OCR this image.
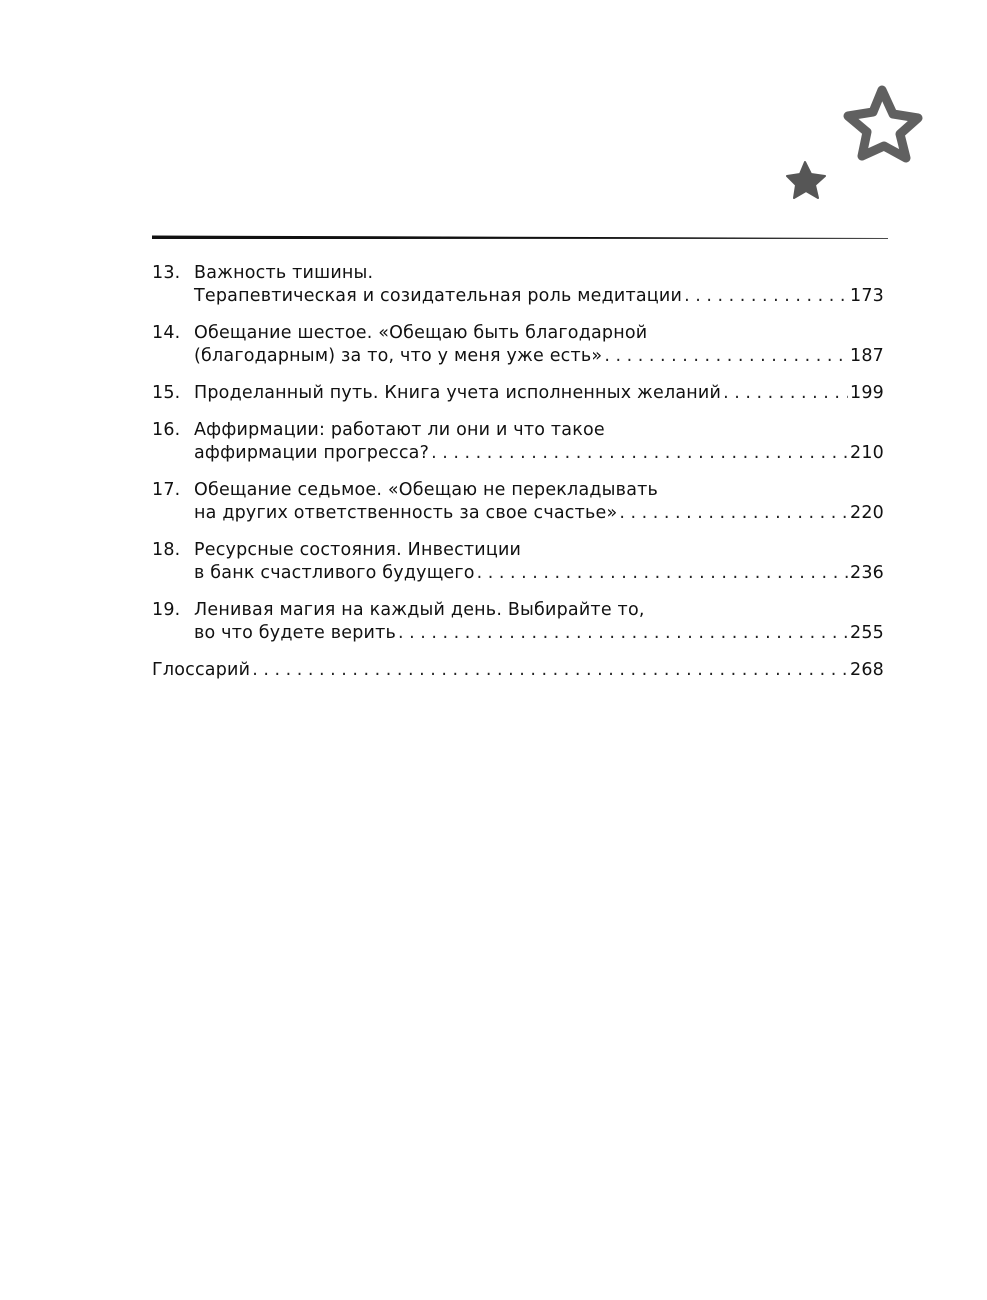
13. Важность тишины.
Терапевтическая и созидательная роль медитации . . .	173
14. Обещание шестое. «Обещаю быть благодарной
(благодарным) за то, что у меня уже есть» . . .	187
15. Проделанный путь. Книга учета исполненных желаний . . .	199
16. Аффирмации: работают ли они и что такое
аффирмации прогресса? . . .	210
17. Обещание седьмое. «Обещаю не перекладывать
на других ответственность за свое счастье» . . .	220
18. Ресурсные состояния. Инвестиции
в банк счастливого будущего . . .	236
19. Ленивая магия на каждый день. Выбирайте то,
во что будете верить . . .	255
Глоссарий . . .	268
